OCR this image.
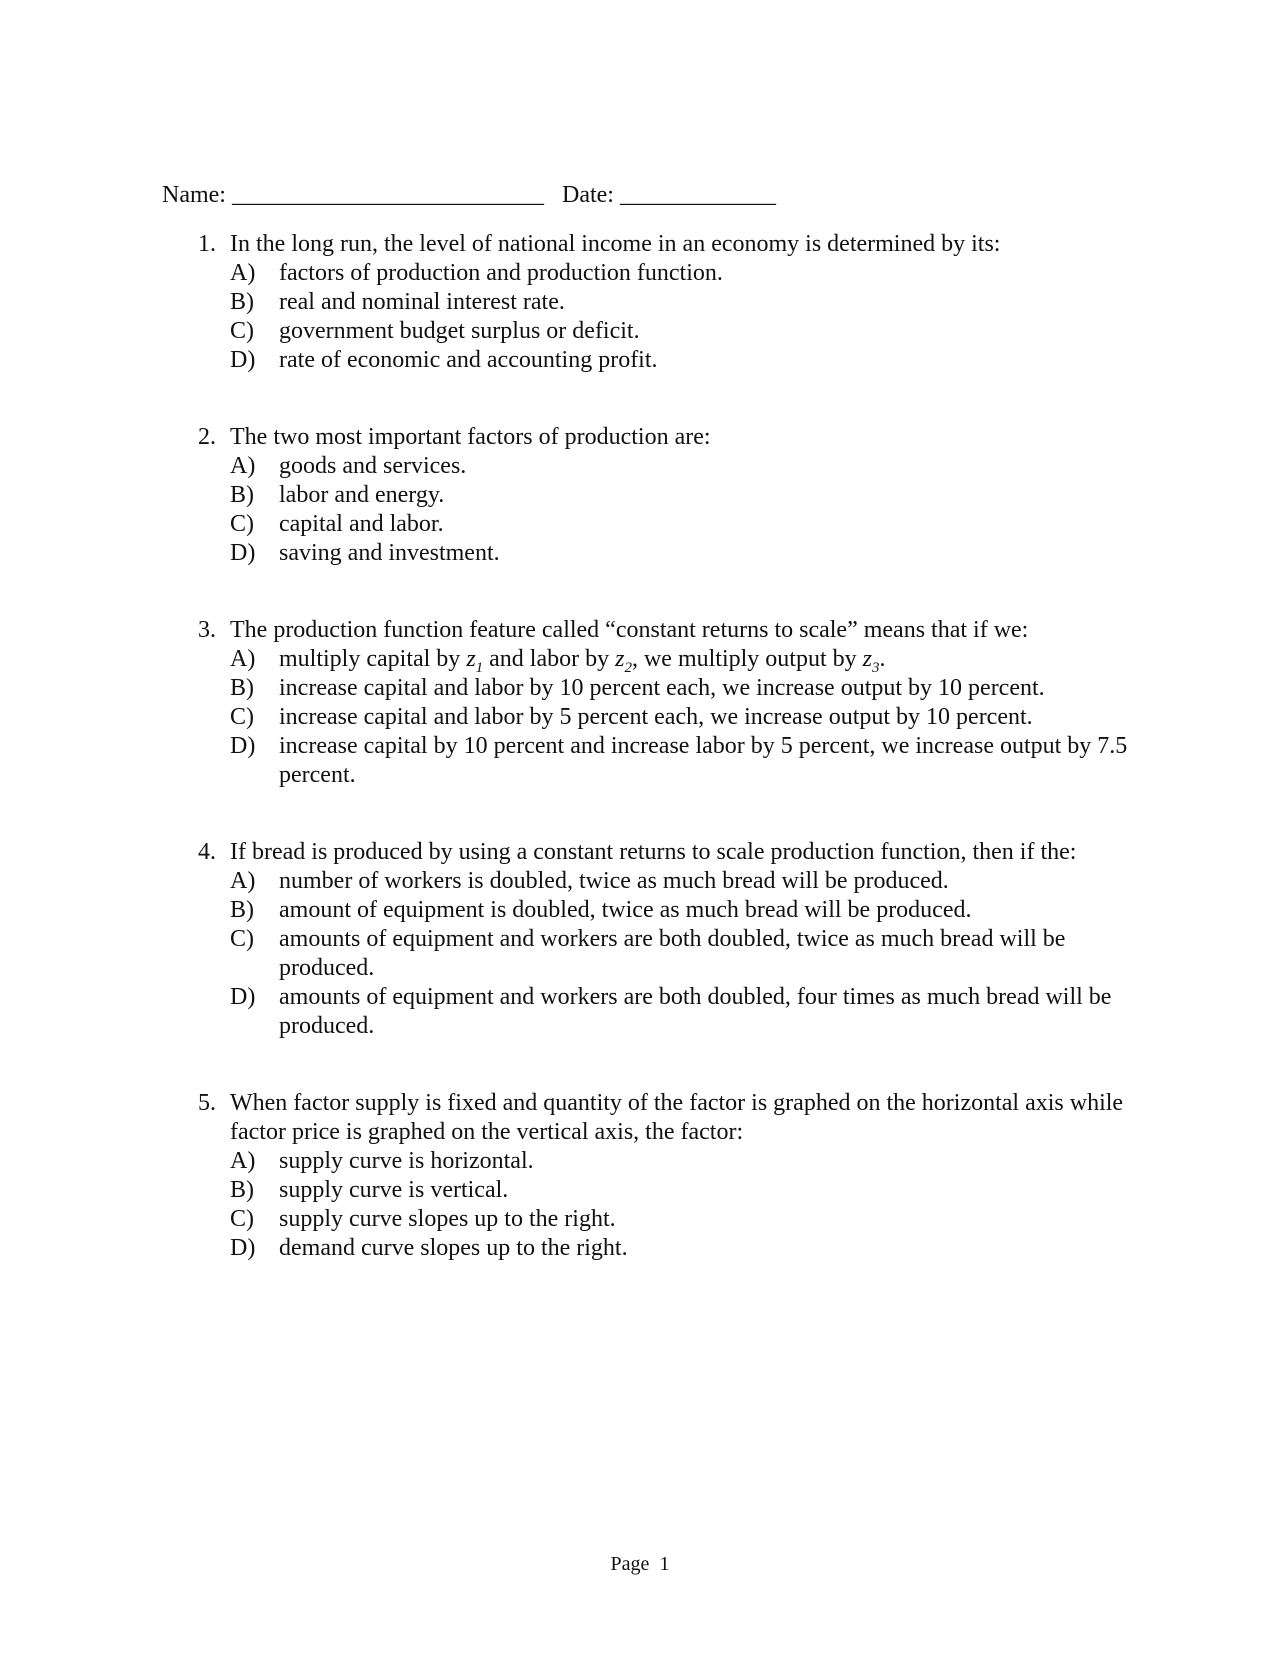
Name: __________________________ Date: _____________

1. In the long run, the level of national income in an economy is determined by its:
A) factors of production and production function.
B)	real and nominal interest rate.
C)	government budget surplus or deficit.
D) rate of economic and accounting profit.
2. The two most important factors of production are:
A) goods and services.
B)	labor and energy.
C)	capital and labor.
D) saving and investment.
3. The production function feature called “constant returns to scale” means that if we:
A) multiply capital by $z_1$ and labor by $z_2$, we multiply output by $z_3$.
B)	increase capital and labor by 10 percent each, we increase output by 10 percent.
C)	increase capital and labor by 5 percent each, we increase output by 10 percent.
D) increase capital by 10 percent and increase labor by 5 percent, we increase output by 7.5 percent.
4. If bread is produced by using a constant returns to scale production function, then if the:
A) number of workers is doubled, twice as much bread will be produced.
B)	amount of equipment is doubled, twice as much bread will be produced.
C)	amounts of equipment and workers are both doubled, twice as much bread will be produced.
D) amounts of equipment and workers are both doubled, four times as much bread will be produced.
5. When factor supply is fixed and quantity of the factor is graphed on the horizontal axis while factor price is graphed on the vertical axis, the factor:
A) supply curve is horizontal.
B)	supply curve is vertical.
C)	supply curve slopes up to the right.
D) demand curve slopes up to the right.
Page 1
